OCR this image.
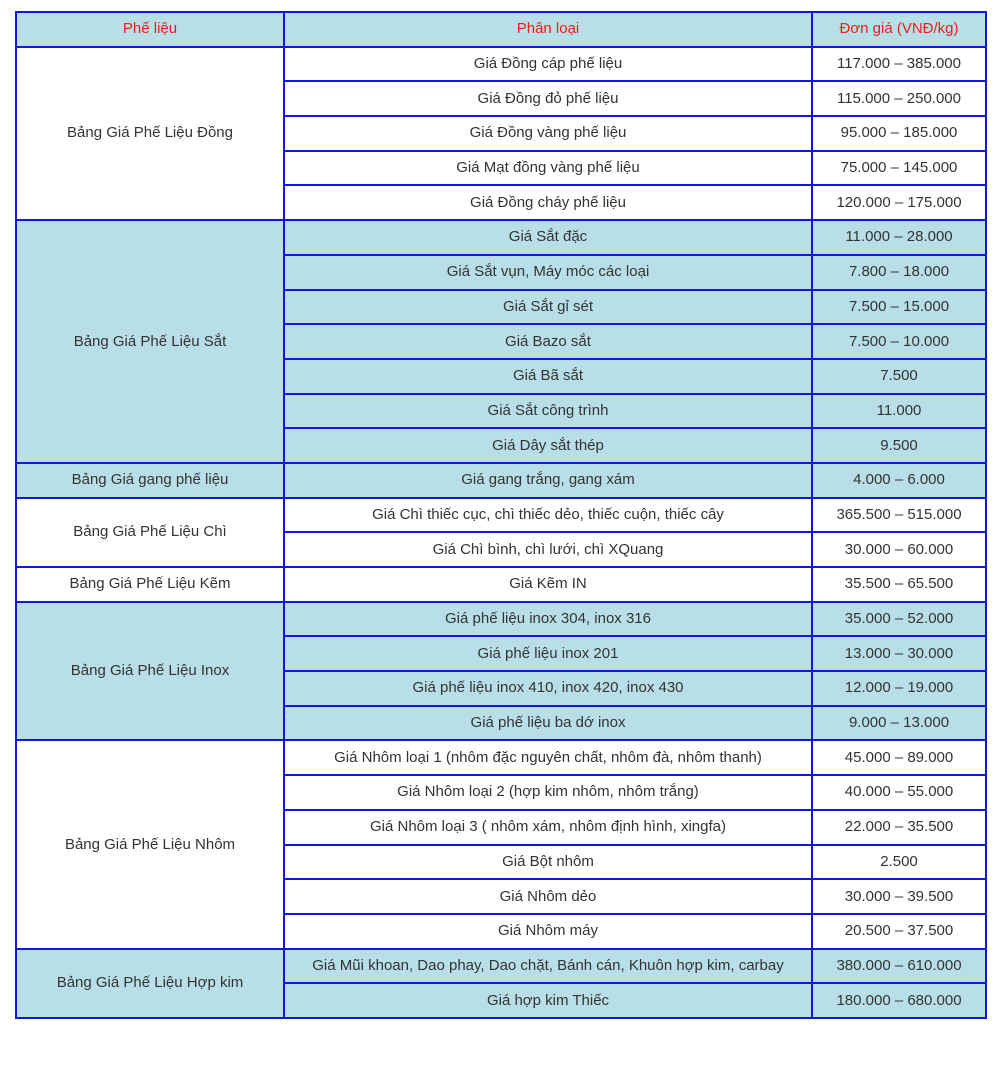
Phế liệu	Phân loại	Đơn giá (VNĐ/kg)
Bảng Giá Phế Liệu Đồng	Giá Đồng cáp phế liệu	117.000 – 385.000
	Giá Đồng đỏ phế liệu	115.000 – 250.000
	Giá Đồng vàng phế liệu	95.000 – 185.000
	Giá Mạt đồng vàng phế liệu	75.000 – 145.000
	Giá Đồng cháy phế liệu	120.000 – 175.000
Bảng Giá Phế Liệu Sắt	Giá Sắt đặc	11.000 – 28.000
	Giá Sắt vụn, Máy móc các loại	7.800 – 18.000
	Giá Sắt gỉ sét	7.500 – 15.000
	Giá Bazo sắt	7.500 – 10.000
	Giá Bã sắt	7.500
	Giá Sắt công trình	11.000
	Giá Dây sắt thép	9.500
Bảng Giá gang phế liệu	Giá gang trắng, gang xám	4.000 – 6.000
Bảng Giá Phế Liệu Chì	Giá Chì thiếc cục, chì thiếc dẻo, thiếc cuộn, thiếc cây	365.500 – 515.000
	Giá Chì bình, chì lưới, chì XQuang	30.000 – 60.000
Bảng Giá Phế Liệu Kẽm	Giá Kẽm IN	35.500 – 65.500
Bảng Giá Phế Liệu Inox	Giá phế liệu inox 304, inox 316	35.000 – 52.000
	Giá phế liệu inox 201	13.000 – 30.000
	Giá phế liệu inox 410, inox 420, inox 430	12.000 – 19.000
	Giá phế liệu ba dớ inox	9.000 – 13.000
Bảng Giá Phế Liệu Nhôm	Giá Nhôm loại 1 (nhôm đặc nguyên chất, nhôm đà, nhôm thanh)	45.000 – 89.000
	Giá Nhôm loại 2 (hợp kim nhôm, nhôm trắng)	40.000 – 55.000
	Giá Nhôm loại 3 ( nhôm xám, nhôm định hình, xingfa)	22.000 – 35.500
	Giá Bột nhôm	2.500
	Giá Nhôm dẻo	30.000 – 39.500
	Giá Nhôm máy	20.500 – 37.500
Bảng Giá Phế Liệu Hợp kim	Giá Mũi khoan, Dao phay, Dao chặt, Bánh cán, Khuôn hợp kim, carbay	380.000 – 610.000
	Giá hợp kim Thiếc	180.000 – 680.000
